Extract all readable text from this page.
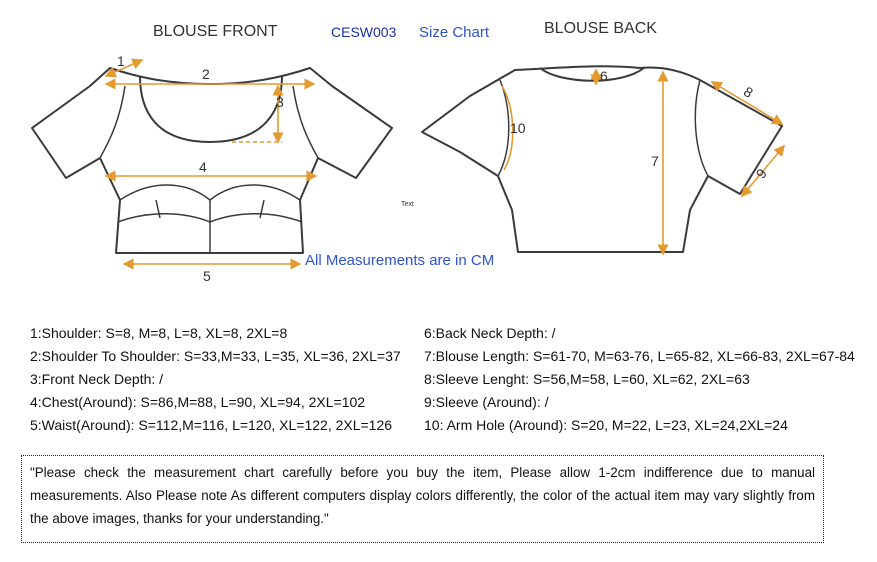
BLOUSE FRONT	CESW003 Size Chart	BLOUSE BACK
1
2
3
4
5
6
7
8
9
10
Text
All Measurements are in CM
1:Shoulder: S=8, M=8, L=8, XL=8, 2XL=8
2:Shoulder To Shoulder: S=33,M=33, L=35, XL=36, 2XL=37
3:Front Neck Depth: /
4:Chest(Around): S=86,M=88, L=90, XL=94, 2XL=102
5:Waist(Around): S=112,M=116, L=120, XL=122, 2XL=126
6:Back Neck Depth: /
7:Blouse Length: S=61-70, M=63-76, L=65-82, XL=66-83, 2XL=67-84
8:Sleeve Lenght: S=56,M=58, L=60, XL=62, 2XL=63
9:Sleeve (Around): /
10: Arm Hole (Around): S=20, M=22, L=23, XL=24,2XL=24
"Please check the measurement chart carefully before you buy the item, Please allow 1-2cm indifference due to manual measurements. Also Please note As different computers display colors differently, the color of the actual item may vary slightly from the above images, thanks for your understanding."
